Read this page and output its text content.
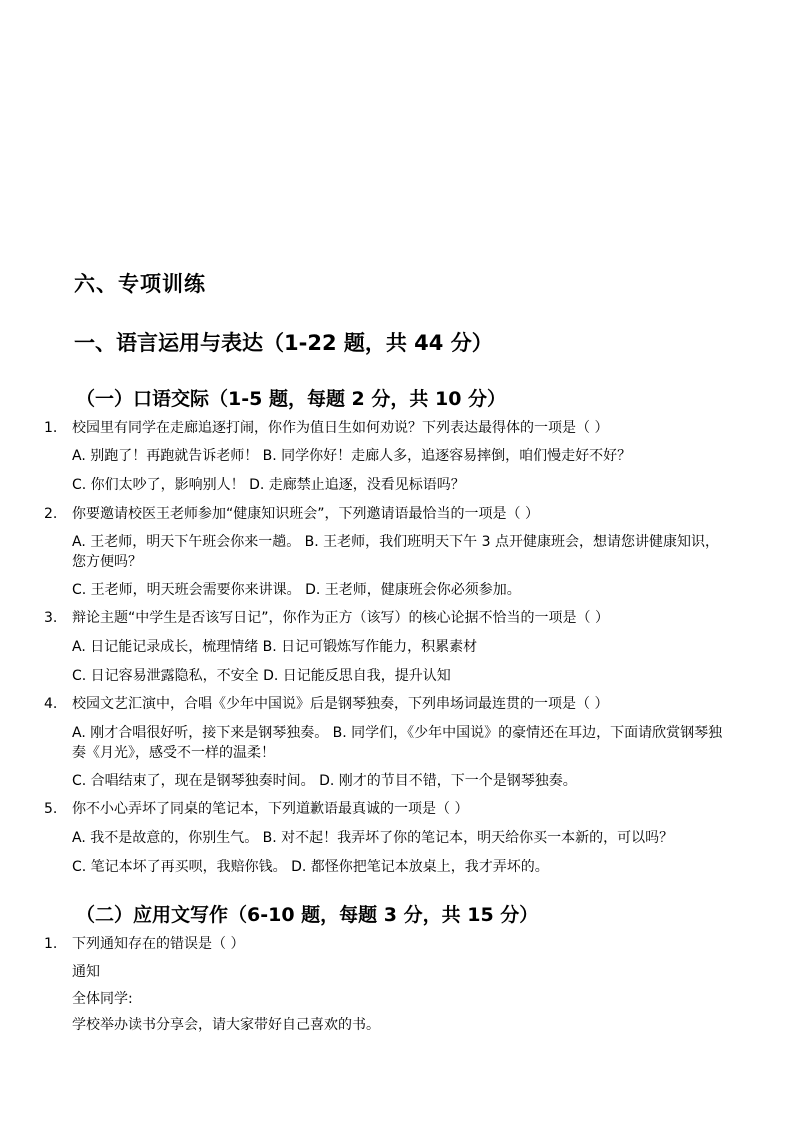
六、专项训练
一、语言运用与表达（1-22 题，共 44 分）
（一）口语交际（1-5 题，每题 2 分，共 10 分）
1. 校园里有同学在走廊追逐打闹，你作为值日生如何劝说？下列表达最得体的一项是（ ）
A. 别跑了！再跑就告诉老师！ B. 同学你好！走廊人多，追逐容易摔倒，咱们慢走好不好？
C. 你们太吵了，影响别人！ D. 走廊禁止追逐，没看见标语吗？
2. 你要邀请校医王老师参加“健康知识班会”，下列邀请语最恰当的一项是（ ）
A. 王老师，明天下午班会你来一趟。 B. 王老师，我们班明天下午 3 点开健康班会，想请您讲健康知识，您方便吗？
C. 王老师，明天班会需要你来讲课。 D. 王老师，健康班会你必须参加。
3. 辩论主题“中学生是否该写日记”，你作为正方（该写）的核心论据不恰当的一项是（ ）
A. 日记能记录成长，梳理情绪 B. 日记可锻炼写作能力，积累素材
C. 日记容易泄露隐私，不安全 D. 日记能反思自我，提升认知
4. 校园文艺汇演中，合唱《少年中国说》后是钢琴独奏，下列串场词最连贯的一项是（ ）
A. 刚才合唱很好听，接下来是钢琴独奏。 B. 同学们，《少年中国说》的豪情还在耳边，下面请欣赏钢琴独奏《月光》，感受不一样的温柔！
C. 合唱结束了，现在是钢琴独奏时间。 D. 刚才的节目不错，下一个是钢琴独奏。
5. 你不小心弄坏了同桌的笔记本，下列道歉语最真诚的一项是（ ）
A. 我不是故意的，你别生气。 B. 对不起！我弄坏了你的笔记本，明天给你买一本新的，可以吗？
C. 笔记本坏了再买呗，我赔你钱。 D. 都怪你把笔记本放桌上，我才弄坏的。
（二）应用文写作（6-10 题，每题 3 分，共 15 分）
1. 下列通知存在的错误是（ ）
通知
全体同学:
学校举办读书分享会，请大家带好自己喜欢的书。
